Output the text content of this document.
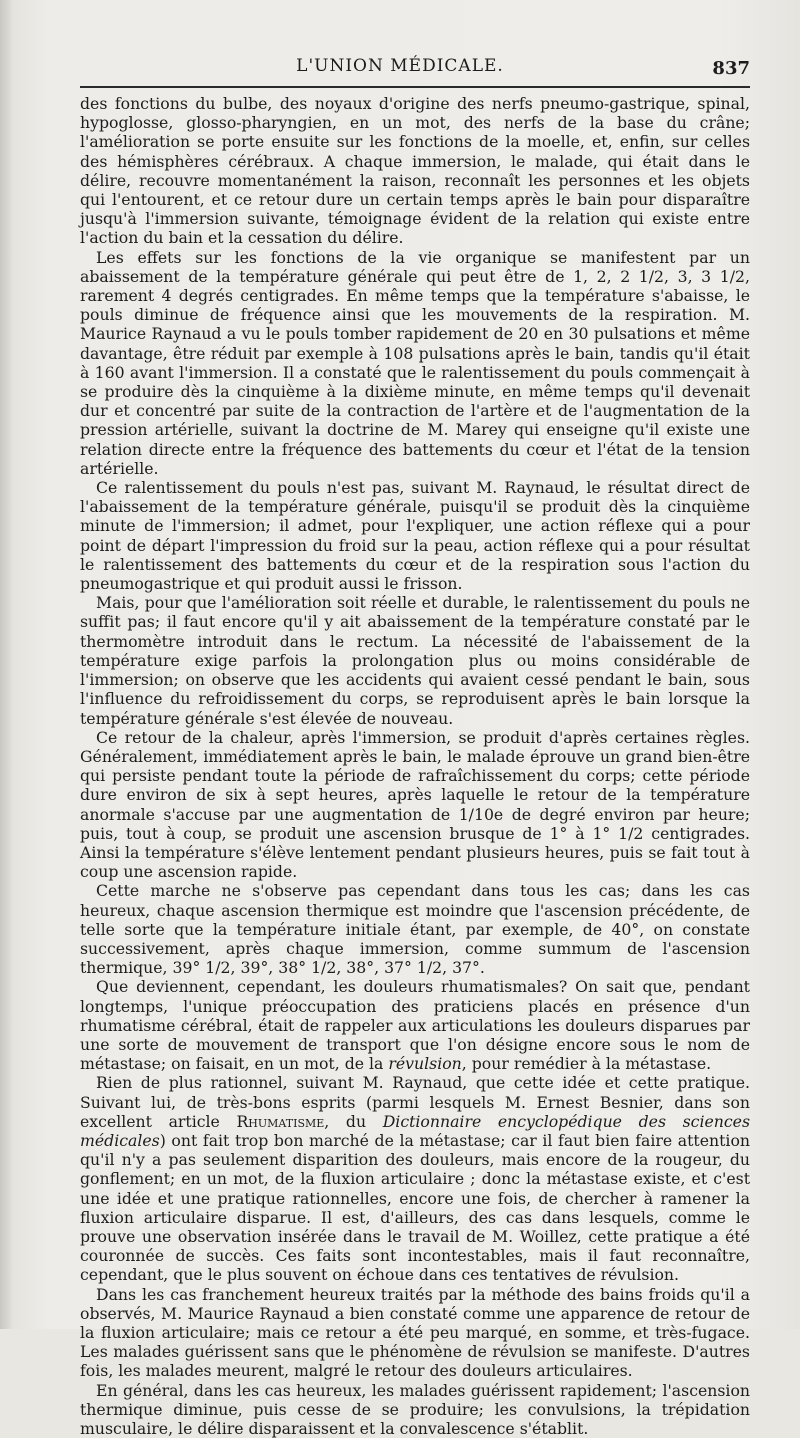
L'UNION MÉDICALE.	837

des fonctions du bulbe, des noyaux d'origine des nerfs pneumo-gastrique, spinal, hypoglosse, glosso-pharyngien, en un mot, des nerfs de la base du crâne; l'amélioration se porte ensuite sur les fonctions de la moelle, et, enfin, sur celles des hémisphères cérébraux. A chaque immersion, le malade, qui était dans le délire, recouvre momentanément la raison, reconnaît les personnes et les objets qui l'entourent, et ce retour dure un certain temps après le bain pour disparaître jusqu'à l'immersion suivante, témoignage évident de la relation qui existe entre l'action du bain et la cessation du délire.

Les effets sur les fonctions de la vie organique se manifestent par un abaissement de la température générale qui peut être de 1, 2, 2 1/2, 3, 3 1/2, rarement 4 degrés centigrades. En même temps que la température s'abaisse, le pouls diminue de fréquence ainsi que les mouvements de la respiration. M. Maurice Raynaud a vu le pouls tomber rapidement de 20 en 30 pulsations et même davantage, être réduit par exemple à 108 pulsations après le bain, tandis qu'il était à 160 avant l'immersion. Il a constaté que le ralentissement du pouls commençait à se produire dès la cinquième à la dixième minute, en même temps qu'il devenait dur et concentré par suite de la contraction de l'artère et de l'augmentation de la pression artérielle, suivant la doctrine de M. Marey qui enseigne qu'il existe une relation directe entre la fréquence des battements du cœur et l'état de la tension artérielle.

Ce ralentissement du pouls n'est pas, suivant M. Raynaud, le résultat direct de l'abaissement de la température générale, puisqu'il se produit dès la cinquième minute de l'immersion; il admet, pour l'expliquer, une action réflexe qui a pour point de départ l'impression du froid sur la peau, action réflexe qui a pour résultat le ralentissement des battements du cœur et de la respiration sous l'action du pneumogastrique et qui produit aussi le frisson.

Mais, pour que l'amélioration soit réelle et durable, le ralentissement du pouls ne suffit pas; il faut encore qu'il y ait abaissement de la température constaté par le thermomètre introduit dans le rectum. La nécessité de l'abaissement de la température exige parfois la prolongation plus ou moins considérable de l'immersion; on observe que les accidents qui avaient cessé pendant le bain, sous l'influence du refroidissement du corps, se reproduisent après le bain lorsque la température générale s'est élevée de nouveau.

Ce retour de la chaleur, après l'immersion, se produit d'après certaines règles. Généralement, immédiatement après le bain, le malade éprouve un grand bien-être qui persiste pendant toute la période de rafraîchissement du corps; cette période dure environ de six à sept heures, après laquelle le retour de la température anormale s'accuse par une augmentation de 1/10e de degré environ par heure; puis, tout à coup, se produit une ascension brusque de 1° à 1° 1/2 centigrades. Ainsi la température s'élève lentement pendant plusieurs heures, puis se fait tout à coup une ascension rapide.

Cette marche ne s'observe pas cependant dans tous les cas; dans les cas heureux, chaque ascension thermique est moindre que l'ascension précédente, de telle sorte que la température initiale étant, par exemple, de 40°, on constate successivement, après chaque immersion, comme summum de l'ascension thermique, 39° 1/2, 39°, 38° 1/2, 38°, 37° 1/2, 37°.

Que deviennent, cependant, les douleurs rhumatismales? On sait que, pendant longtemps, l'unique préoccupation des praticiens placés en présence d'un rhumatisme cérébral, était de rappeler aux articulations les douleurs disparues par une sorte de mouvement de transport que l'on désigne encore sous le nom de métastase; on faisait, en un mot, de la révulsion, pour remédier à la métastase.

Rien de plus rationnel, suivant M. Raynaud, que cette idée et cette pratique. Suivant lui, de très-bons esprits (parmi lesquels M. Ernest Besnier, dans son excellent article Rhumatisme, du Dictionnaire encyclopédique des sciences médicales) ont fait trop bon marché de la métastase; car il faut bien faire attention qu'il n'y a pas seulement disparition des douleurs, mais encore de la rougeur, du gonflement; en un mot, de la fluxion articulaire ; donc la métastase existe, et c'est une idée et une pratique rationnelles, encore une fois, de chercher à ramener la fluxion articulaire disparue. Il est, d'ailleurs, des cas dans lesquels, comme le prouve une observation insérée dans le travail de M. Woillez, cette pratique a été couronnée de succès. Ces faits sont incontestables, mais il faut reconnaître, cependant, que le plus souvent on échoue dans ces tentatives de révulsion.

Dans les cas franchement heureux traités par la méthode des bains froids qu'il a observés, M. Maurice Raynaud a bien constaté comme une apparence de retour de la fluxion articulaire; mais ce retour a été peu marqué, en somme, et très-fugace. Les malades guérissent sans que le phénomène de révulsion se manifeste. D'autres fois, les malades meurent, malgré le retour des douleurs articulaires.

En général, dans les cas heureux, les malades guérissent rapidement; l'ascension thermique diminue, puis cesse de se produire; les convulsions, la trépidation musculaire, le délire disparaissent et la convalescence s'établit.
